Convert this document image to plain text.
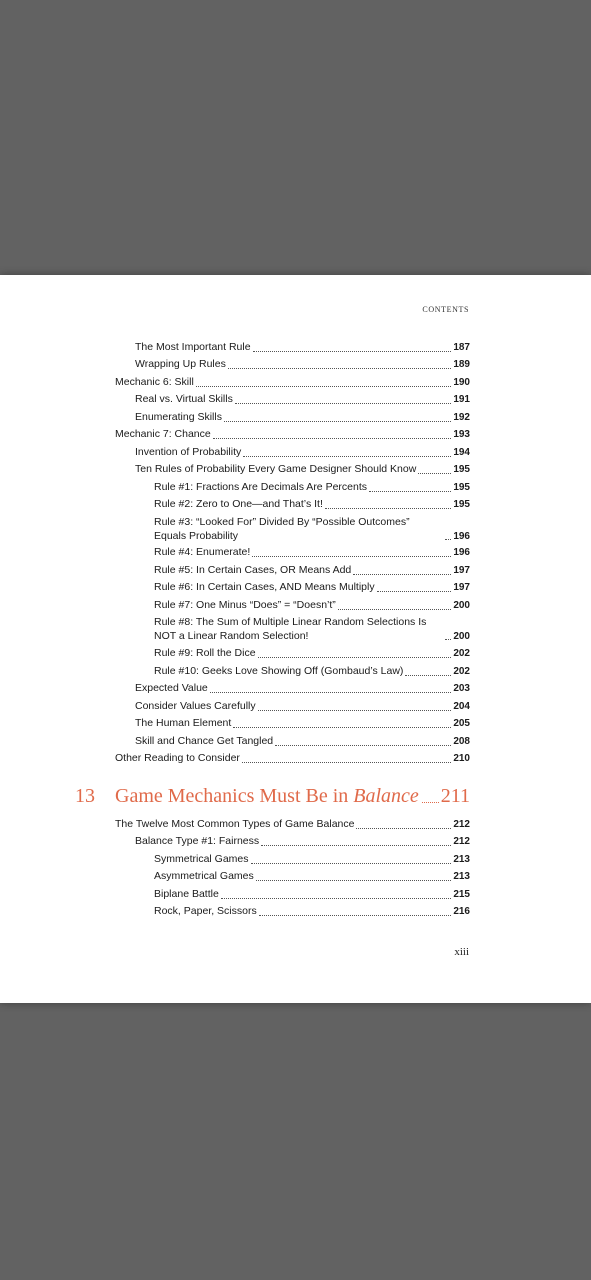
CONTENTS
The Most Important Rule	187
Wrapping Up Rules	189
Mechanic 6: Skill	190
Real vs. Virtual Skills	191
Enumerating Skills	192
Mechanic 7: Chance	193
Invention of Probability	194
Ten Rules of Probability Every Game Designer Should Know	195
Rule #1: Fractions Are Decimals Are Percents	195
Rule #2: Zero to One—and That’s It!	195
Rule #3: “Looked For” Divided By “Possible Outcomes” Equals Probability	196
Rule #4: Enumerate!	196
Rule #5: In Certain Cases, OR Means Add	197
Rule #6: In Certain Cases, AND Means Multiply	197
Rule #7: One Minus “Does” = “Doesn’t”	200
Rule #8: The Sum of Multiple Linear Random Selections Is NOT a Linear Random Selection!	200
Rule #9: Roll the Dice	202
Rule #10: Geeks Love Showing Off (Gombaud’s Law)	202
Expected Value	203
Consider Values Carefully	204
The Human Element	205
Skill and Chance Get Tangled	208
Other Reading to Consider	210
13 Game Mechanics Must Be in Balance 211
The Twelve Most Common Types of Game Balance	212
Balance Type #1: Fairness	212
Symmetrical Games	213
Asymmetrical Games	213
Biplane Battle	215
Rock, Paper, Scissors	216
xiii
